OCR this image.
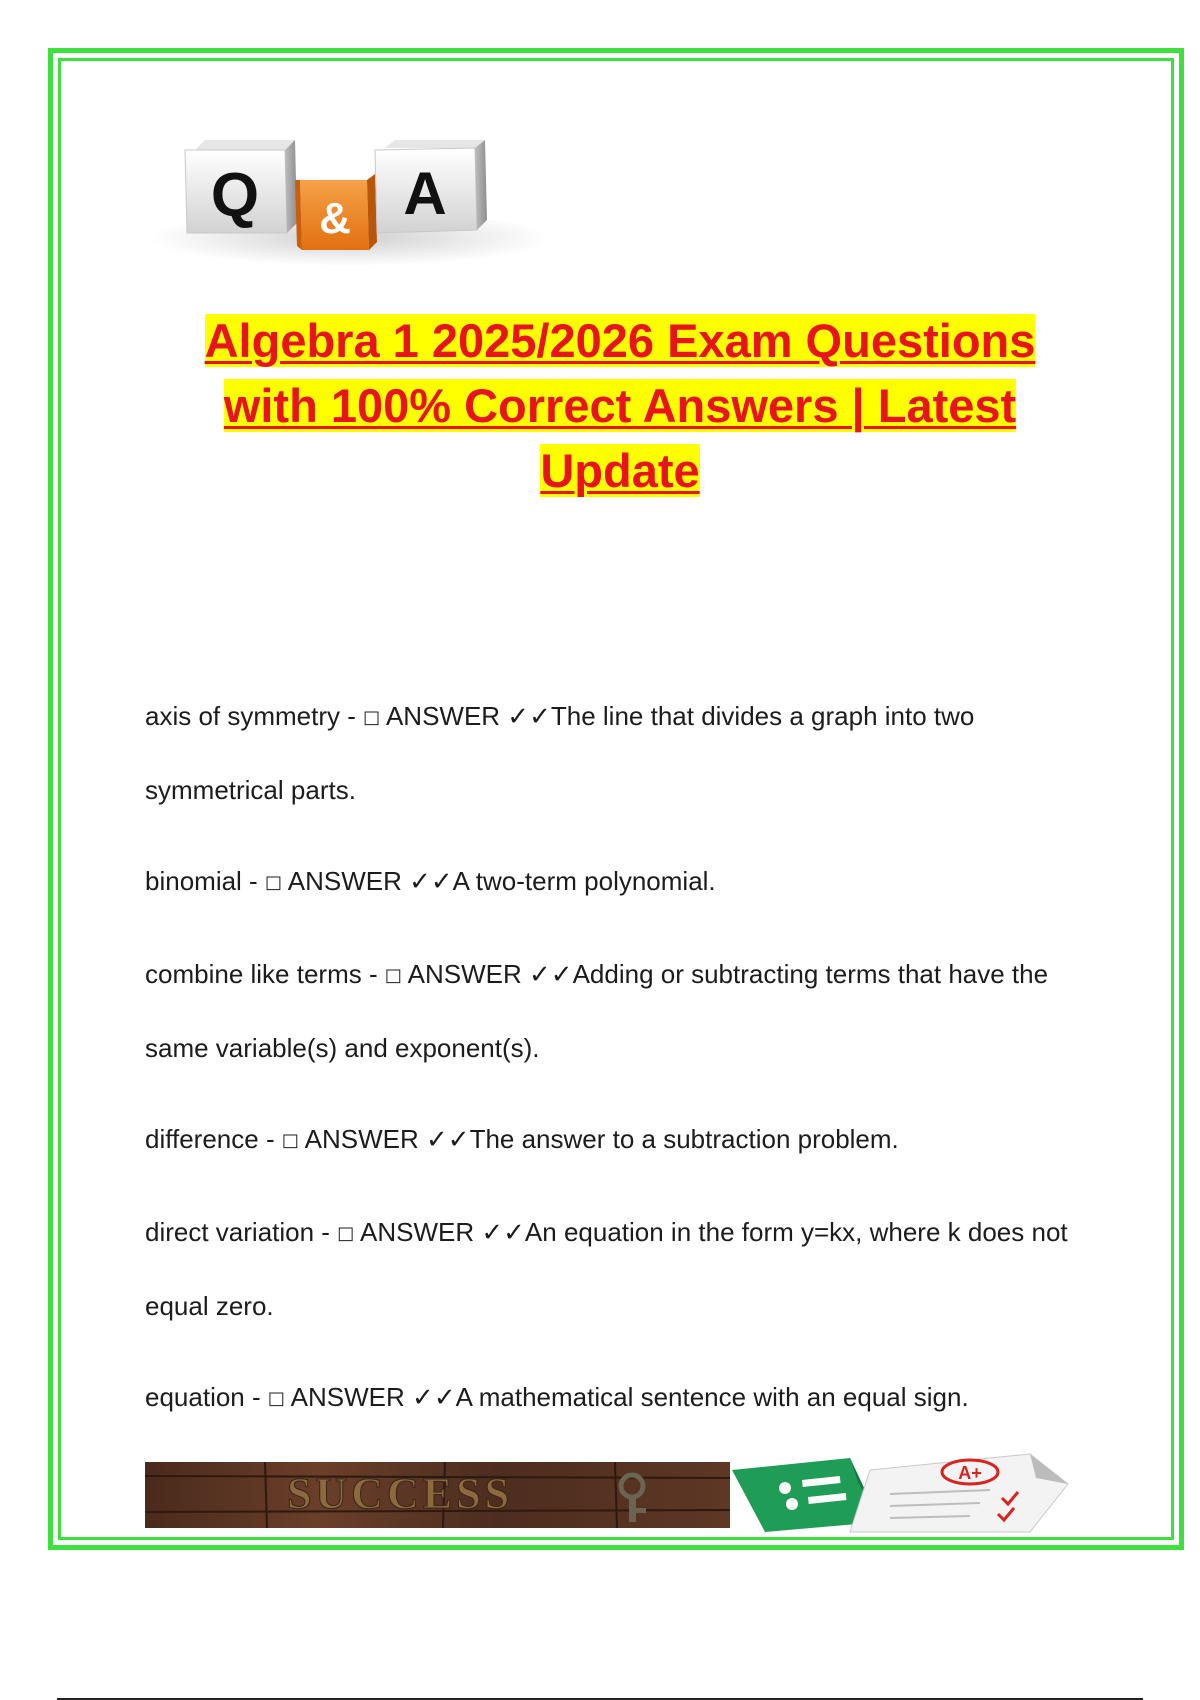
Q & A
Algebra 1 2025/2026 Exam Questions with 100% Correct Answers | Latest Update

axis of symmetry - □ ANSWER ✓✓The line that divides a graph into two symmetrical parts.

binomial - □ ANSWER ✓✓A two-term polynomial.

combine like terms - □ ANSWER ✓✓Adding or subtracting terms that have the same variable(s) and exponent(s).

difference - □ ANSWER ✓✓The answer to a subtraction problem.

direct variation - □ ANSWER ✓✓An equation in the form y=kx, where k does not equal zero.

equation - □ ANSWER ✓✓A mathematical sentence with an equal sign.

SUCCESS	A+
